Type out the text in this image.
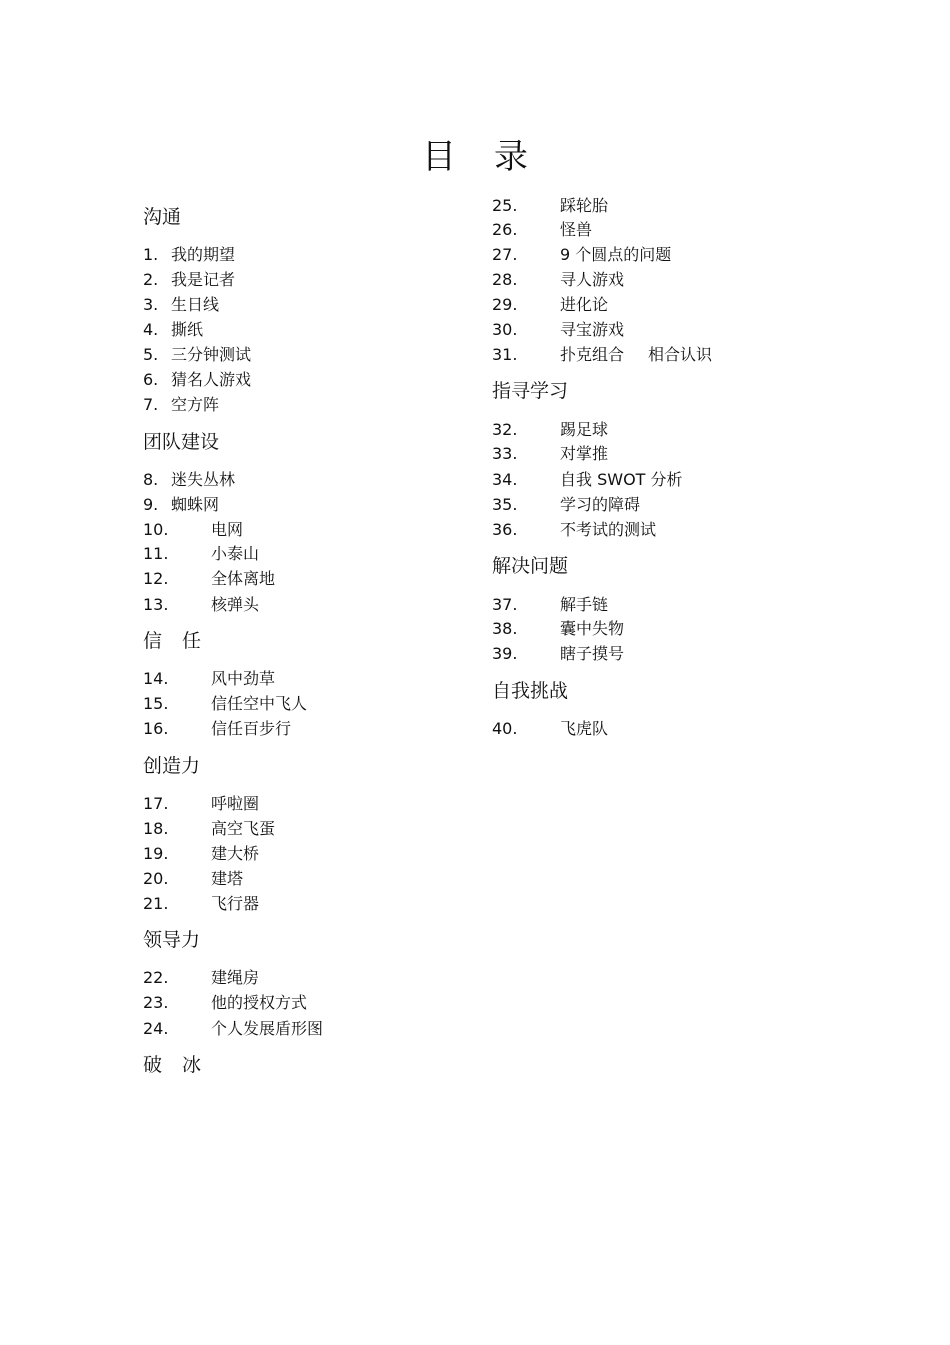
目 录
沟通
1. 我的期望
2. 我是记者
3. 生日线
4. 撕纸
5. 三分钟测试
6. 猜名人游戏
7. 空方阵
团队建设
8. 迷失丛林
9. 蜘蛛网
10.	电网
11.	小泰山
12.	全体离地
13.	核弹头
信 任
14.	风中劲草
15.	信任空中飞人
16.	信任百步行
创造力
17.	呼啦圈
18.	高空飞蛋
19.	建大桥
20.	建塔
21.	飞行器
领导力
22.	建绳房
23.	他的授权方式
24.	个人发展盾形图
破 冰
25.	踩轮胎
26.	怪兽
27.	9 个圆点的问题
28.	寻人游戏
29.	进化论
30.	寻宝游戏
31.	扑克组合 相合认识
指寻学习
32.	踢足球
33.	对掌推
34.	自我 SWOT 分析
35.	学习的障碍
36.	不考试的测试
解决问题
37.	解手链
38.	囊中失物
39.	瞎子摸号
自我挑战
40.	飞虎队
